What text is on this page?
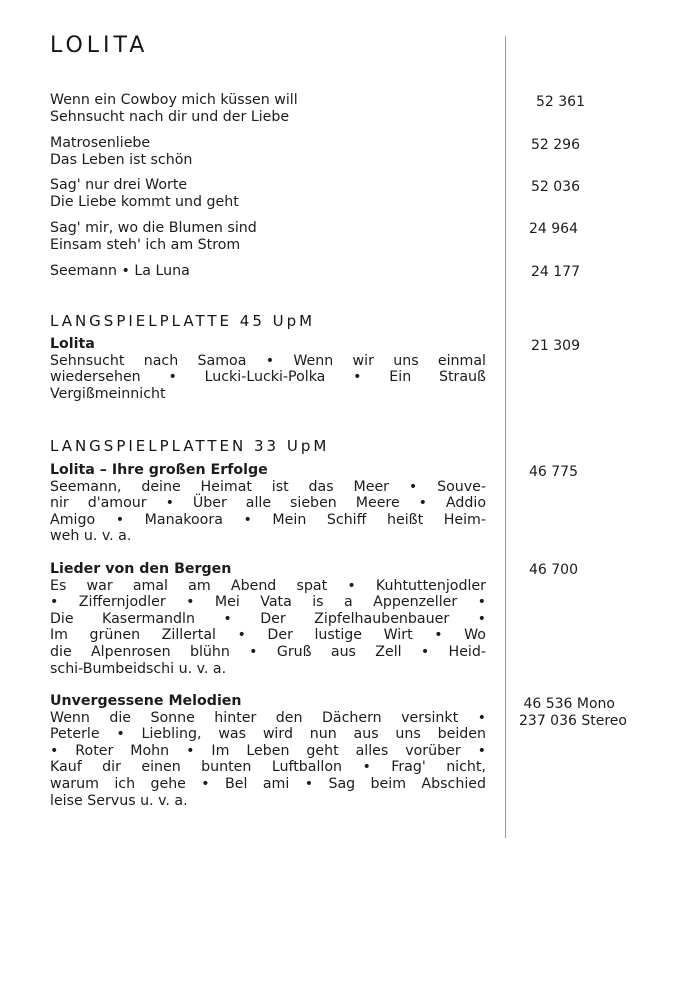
LOLITA
Wenn ein Cowboy mich küssen will
Sehnsucht nach dir und der Liebe
52 361
Matrosenliebe
Das Leben ist schön
52 296
Sag' nur drei Worte
Die Liebe kommt und geht
52 036
Sag' mir, wo die Blumen sind
Einsam steh' ich am Strom
24 964
Seemann • La Luna	24 177
LANGSPIELPLATTE 45 UpM
Lolita
Sehnsucht nach Samoa • Wenn wir uns einmal
wiedersehen • Lucki-Lucki-Polka • Ein Strauß
Vergißmeinnicht
21 309
LANGSPIELPLATTEN 33 UpM
Lolita – Ihre großen Erfolge
Seemann, deine Heimat ist das Meer • Souve-
nir d'amour • Über alle sieben Meere • Addio
Amigo • Manakoora • Mein Schiff heißt Heim-
weh u. v. a.
46 775
Lieder von den Bergen
Es war amal am Abend spat • Kuhtuttenjodler
• Ziffernjodler • Mei Vata is a Appenzeller •
Die Kasermandln • Der Zipfelhaubenbauer •
Im grünen Zillertal • Der lustige Wirt • Wo
die Alpenrosen blühn • Gruß aus Zell • Heid-
schi-Bumbeidschi u. v. a.
46 700
Unvergessene Melodien
Wenn die Sonne hinter den Dächern versinkt •
Peterle • Liebling, was wird nun aus uns beiden
• Roter Mohn • Im Leben geht alles vorüber •
Kauf dir einen bunten Luftballon • Frag' nicht,
warum ich gehe • Bel ami • Sag beim Abschied
leise Servus u. v. a.
46 536 Mono
237 036 Stereo
